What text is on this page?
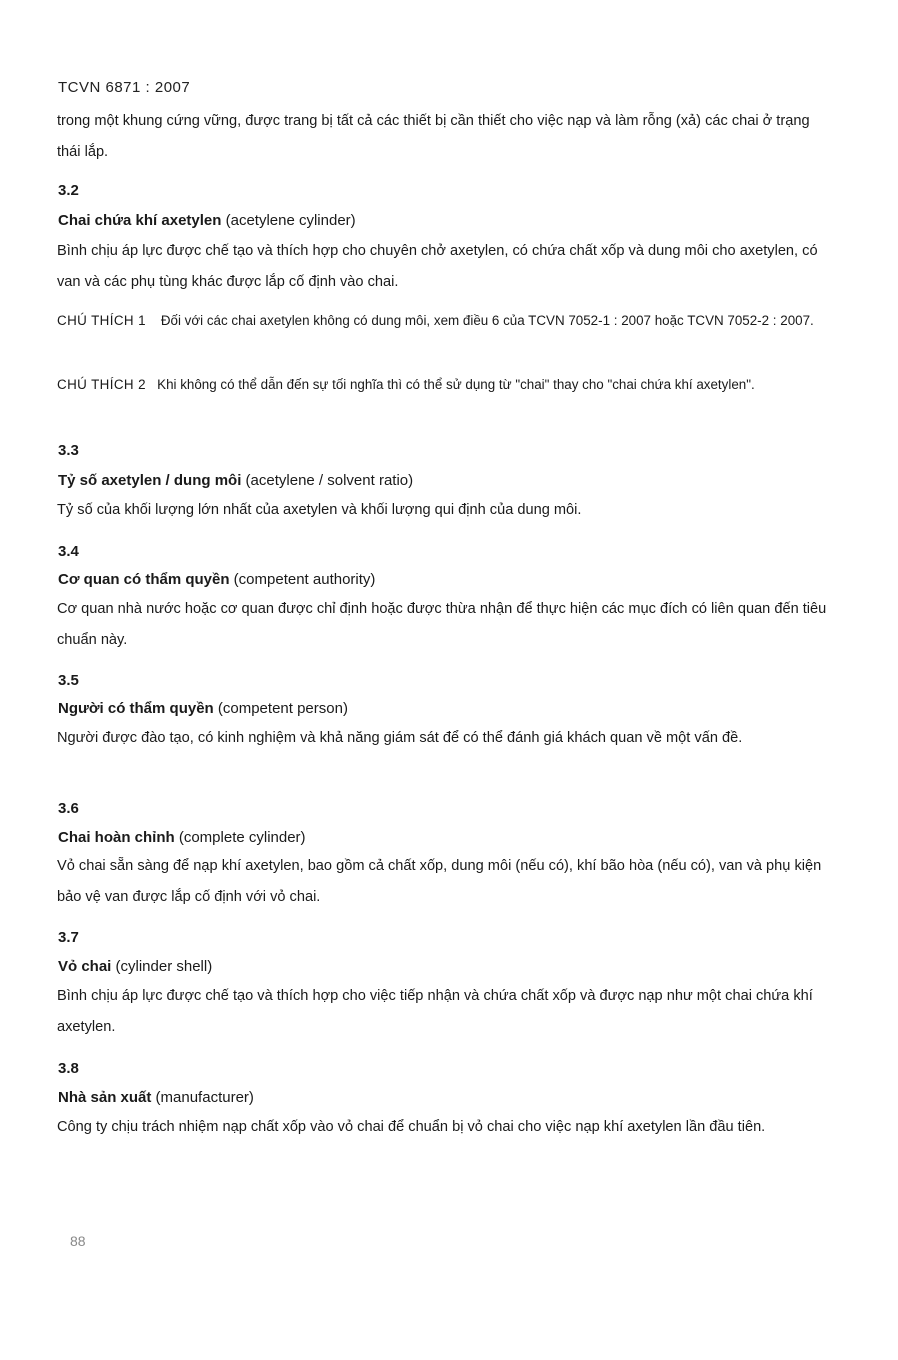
TCVN 6871 : 2007

trong một khung cứng vững, được trang bị tất cả các thiết bị cần thiết cho việc nạp và làm rỗng (xả) các chai ở trạng thái lắp.

3.2
Chai chứa khí axetylen (acetylene cylinder)

Bình chịu áp lực được chế tạo và thích hợp cho chuyên chở axetylen, có chứa chất xốp và dung môi cho axetylen, có van và các phụ tùng khác được lắp cố định vào chai.

CHÚ THÍCH 1 Đối với các chai axetylen không có dung môi, xem điều 6 của TCVN 7052-1 : 2007 hoặc TCVN 7052-2 : 2007.

CHÚ THÍCH 2 Khi không có thể dẫn đến sự tối nghĩa thì có thể sử dụng từ "chai" thay cho "chai chứa khí axetylen".

3.3
Tỷ số axetylen / dung môi (acetylene / solvent ratio)

Tỷ số của khối lượng lớn nhất của axetylen và khối lượng qui định của dung môi.

3.4
Cơ quan có thẩm quyền (competent authority)

Cơ quan nhà nước hoặc cơ quan được chỉ định hoặc được thừa nhận để thực hiện các mục đích có liên quan đến tiêu chuẩn này.

3.5
Người có thẩm quyền (competent person)

Người được đào tạo, có kinh nghiệm và khả năng giám sát để có thể đánh giá khách quan về một vấn đề.

3.6
Chai hoàn chỉnh (complete cylinder)

Vỏ chai sẵn sàng để nạp khí axetylen, bao gồm cả chất xốp, dung môi (nếu có), khí bão hòa (nếu có), van và phụ kiện bảo vệ van được lắp cố định với vỏ chai.

3.7
Vỏ chai (cylinder shell)

Bình chịu áp lực được chế tạo và thích hợp cho việc tiếp nhận và chứa chất xốp và được nạp như một chai chứa khí axetylen.

3.8
Nhà sản xuất (manufacturer)

Công ty chịu trách nhiệm nạp chất xốp vào vỏ chai để chuẩn bị vỏ chai cho việc nạp khí axetylen lần đầu tiên.

88
